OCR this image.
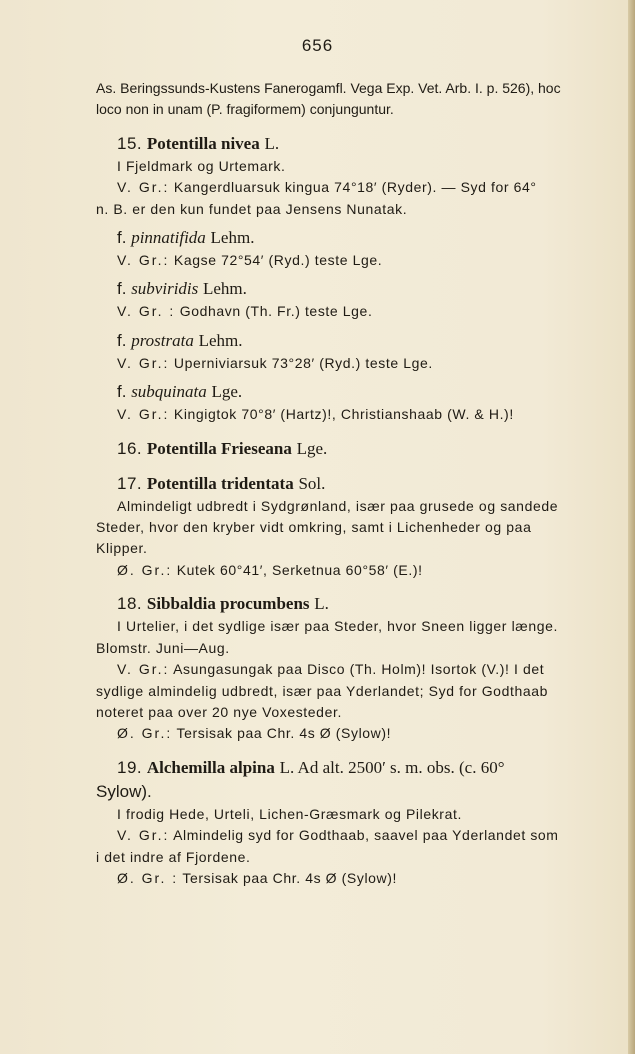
656

As. Beringssunds-Kustens Fanerogamfl. Vega Exp. Vet. Arb. I. p. 526), hoc

loco non in unam (P. fragiformem) conjunguntur.

15. Potentilla nivea L.

I Fjeldmark og Urtemark.

V. Gr.: Kangerdluarsuk kingua 74°18′ (Ryder). — Syd for 64°

n. B. er den kun fundet paa Jensens Nunatak.

f. pinnatifida Lehm.

V. Gr.: Kagse 72°54′ (Ryd.) teste Lge.

f. subviridis Lehm.

V. Gr. : Godhavn (Th. Fr.) teste Lge.

f. prostrata Lehm.

V. Gr.: Uperniviarsuk 73°28′ (Ryd.) teste Lge.

f. subquinata Lge.

V. Gr.: Kingigtok 70°8′ (Hartz)!, Christianshaab (W. & H.)!

16. Potentilla Frieseana Lge.

17. Potentilla tridentata Sol.

Almindeligt udbredt i Sydgrønland, især paa grusede og sandede

Steder, hvor den kryber vidt omkring, samt i Lichenheder og paa

Klipper.

Ø. Gr.: Kutek 60°41′, Serketnua 60°58′ (E.)!

18. Sibbaldia procumbens L.

I Urtelier, i det sydlige især paa Steder, hvor Sneen ligger længe.

Blomstr. Juni—Aug.

V. Gr.: Asungasungak paa Disco (Th. Holm)! Isortok (V.)! I det

sydlige almindelig udbredt, især paa Yderlandet; Syd for Godthaab

noteret paa over 20 nye Voxesteder.

Ø. Gr.: Tersisak paa Chr. 4s Ø (Sylow)!

19. Alchemilla alpina L. Ad alt. 2500′ s. m. obs. (c. 60°

Sylow).

I frodig Hede, Urteli, Lichen-Græsmark og Pilekrat.

V. Gr.: Almindelig syd for Godthaab, saavel paa Yderlandet som

i det indre af Fjordene.

Ø. Gr. : Tersisak paa Chr. 4s Ø (Sylow)!
